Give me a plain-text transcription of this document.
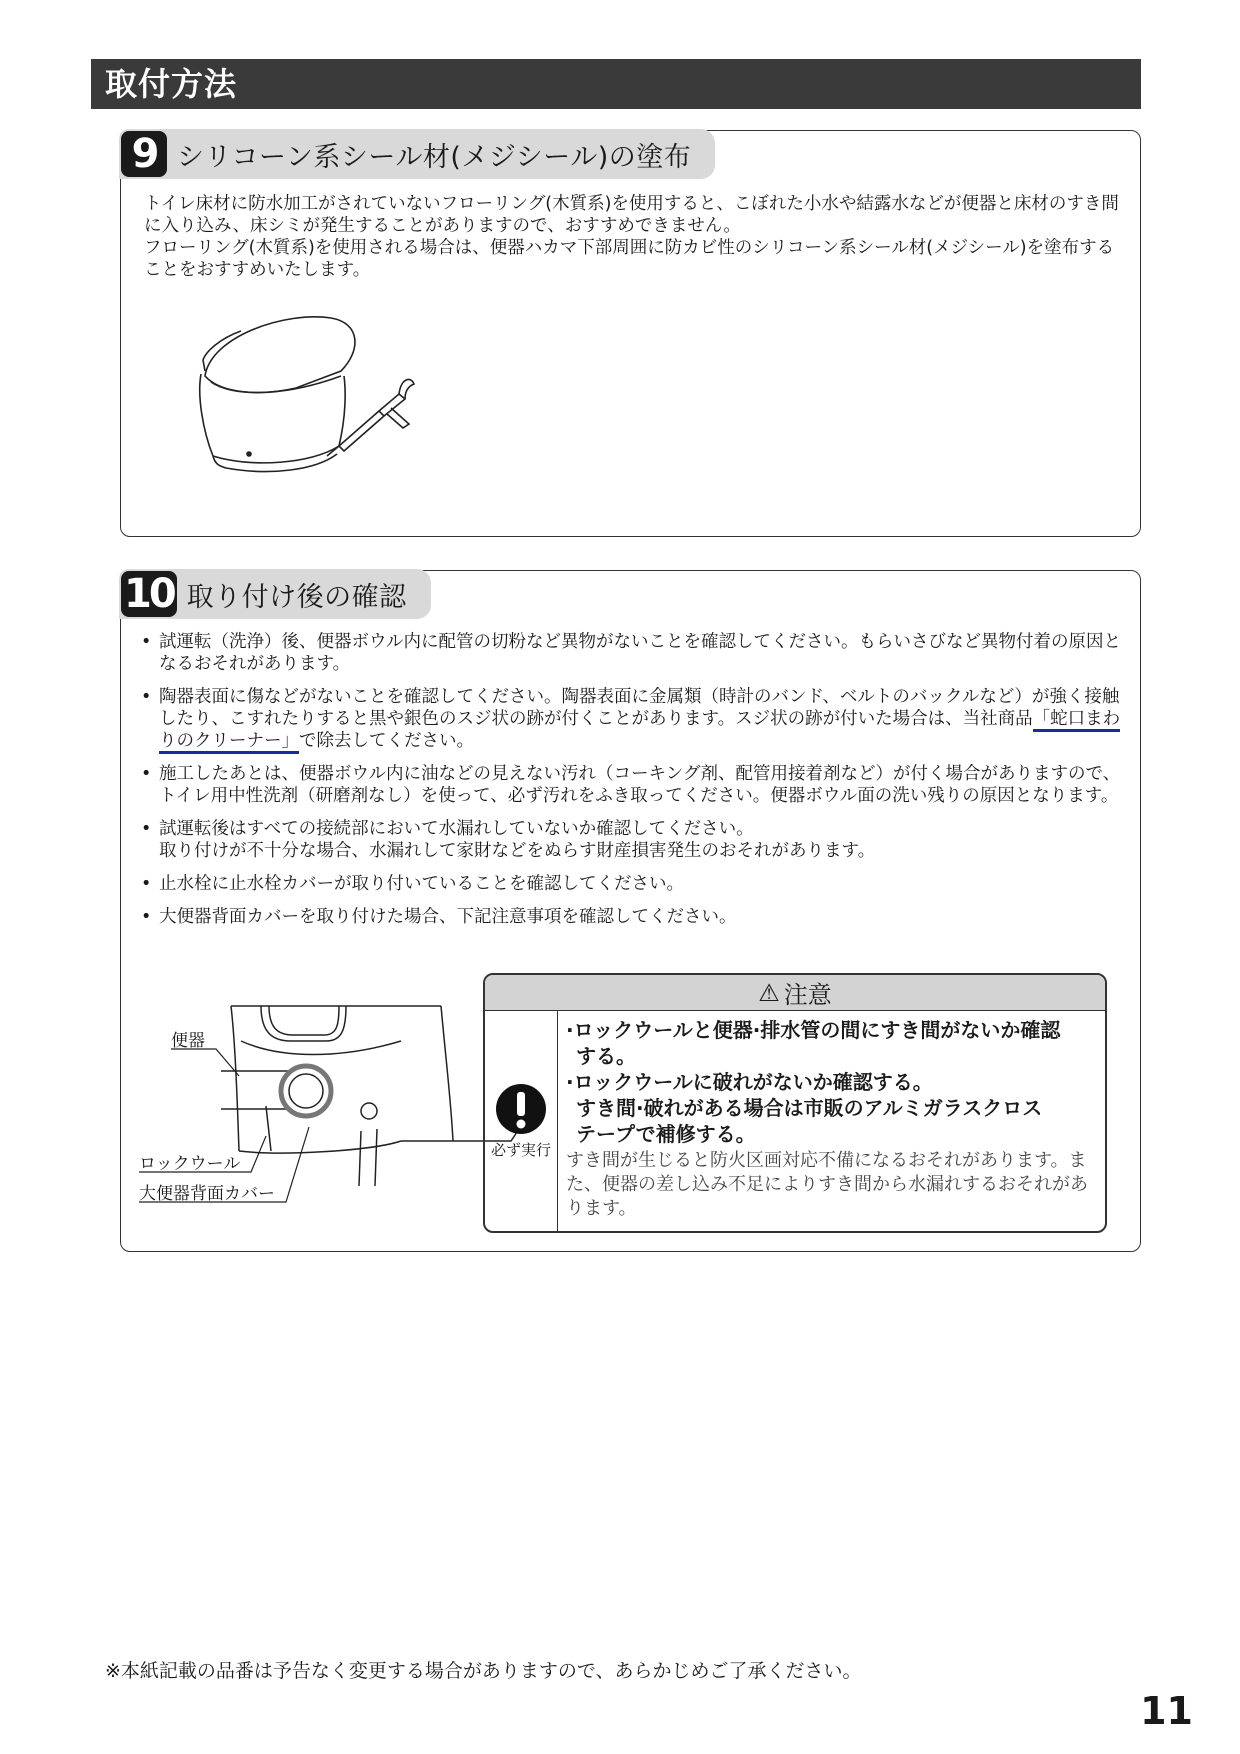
取付方法
9 シリコーン系シール材(メジシール)の塗布
トイレ床材に防水加工がされていないフローリング(木質系)を使用すると、こぼれた小水や結露水などが便器と床材のすき間に入り込み、床シミが発生することがありますので、おすすめできません。
フローリング(木質系)を使用される場合は、便器ハカマ下部周囲に防カビ性のシリコーン系シール材(メジシール)を塗布することをおすすめいたします。
10 取り付け後の確認
• 試運転（洗浄）後、便器ボウル内に配管の切粉など異物がないことを確認してください。もらいさびなど異物付着の原因となるおそれがあります。
• 陶器表面に傷などがないことを確認してください。陶器表面に金属類（時計のバンド、ベルトのバックルなど）が強く接触したり、こすれたりすると黒や銀色のスジ状の跡が付くことがあります。スジ状の跡が付いた場合は、当社商品「蛇口まわりのクリーナー」で除去してください。
• 施工したあとは、便器ボウル内に油などの見えない汚れ（コーキング剤、配管用接着剤など）が付く場合がありますので、トイレ用中性洗剤（研磨剤なし）を使って、必ず汚れをふき取ってください。便器ボウル面の洗い残りの原因となります。
• 試運転後はすべての接続部において水漏れしていないか確認してください。
取り付けが不十分な場合、水漏れして家財などをぬらす財産損害発生のおそれがあります。
• 止水栓に止水栓カバーが取り付いていることを確認してください。
• 大便器背面カバーを取り付けた場合、下記注意事項を確認してください。
便器
ロックウール
大便器背面カバー
⚠ 注意
必ず実行
·ロックウールと便器·排水管の間にすき間がないか確認
する。
·ロックウールに破れがないか確認する。
すき間·破れがある場合は市販のアルミガラスクロス
テープで補修する。
すき間が生じると防火区画対応不備になるおそれがあります。また、便器の差し込み不足によりすき間から水漏れするおそれがあります。
※本紙記載の品番は予告なく変更する場合がありますので、あらかじめご了承ください。
11
